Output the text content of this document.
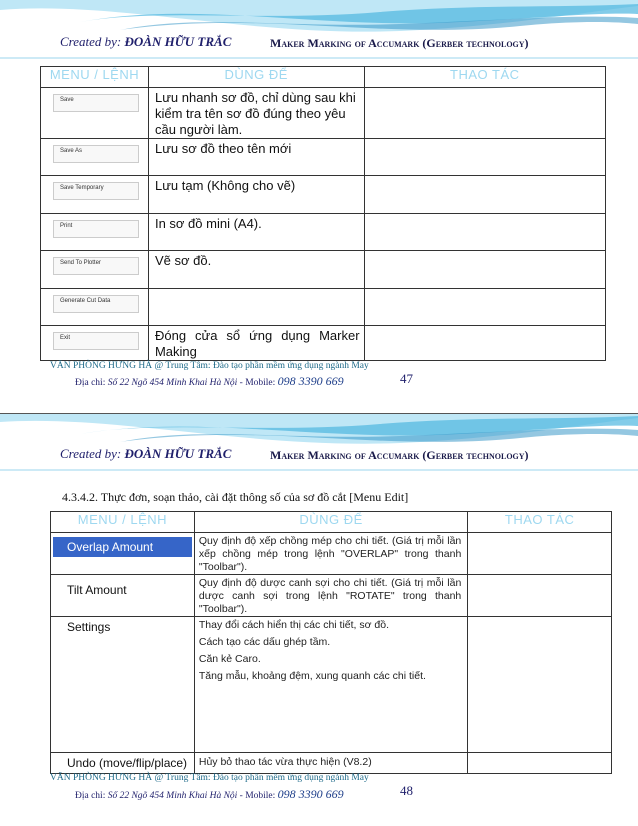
Created by: ĐOÀN HỮU TRẮC	Maker Marking of Accumark (Gerber technology)
MENU / LỆNH	DÙNG ĐỂ	THAO TÁC
Save	Lưu nhanh sơ đồ, chỉ dùng sau khi kiểm tra tên sơ đồ đúng theo yêu cầu người làm.	

Save As	Lưu sơ đồ theo tên mới	

Save Temporary	Lưu tạm (Không cho vẽ)	

Print	In sơ đồ mini (A4).	

Send To Plotter	Vẽ sơ đồ.	

Generate Cut Data	

Exit	Đóng cửa sổ ứng dụng Marker Making	

VĂN PHÒNG HƯNG HÀ @ Trung Tâm: Đào tạo phần mềm ứng dụng ngành May
Địa chỉ: Số 22 Ngõ 454 Minh Khai Hà Nội - Mobile: 098 3390 669	47
Created by: ĐOÀN HỮU TRẮC	Maker Marking of Accumark (Gerber technology)
4.3.4.2. Thực đơn, soạn thảo, cài đặt thông số của sơ đồ cắt [Menu Edit]
MENU / LỆNH	DÙNG ĐỂ	THAO TÁC

Overlap Amount	Quy định độ xếp chồng mép cho chi tiết. (Giá trị mỗi lần xếp chồng mép trong lệnh "OVERLAP" trong thanh "Toolbar").	

Tilt Amount	Quy định độ dược canh sợi cho chi tiết. (Giá trị mỗi lần dược canh sợi trong lệnh "ROTATE" trong thanh "Toolbar").	

Settings	Thay đổi cách hiển thị các chi tiết, sơ đồ.

Cách tạo các dấu ghép tầm.

Căn kẻ Caro.

Tăng mẫu, khoảng đệm, xung quanh các chi tiết.	

Undo (move/flip/place)	Hủy bỏ thao tác vừa thực hiện (V8.2)	

VĂN PHÒNG HƯNG HÀ @ Trung Tâm: Đào tạo phần mềm ứng dụng ngành May
Địa chỉ: Số 22 Ngõ 454 Minh Khai Hà Nội - Mobile: 098 3390 669	48
